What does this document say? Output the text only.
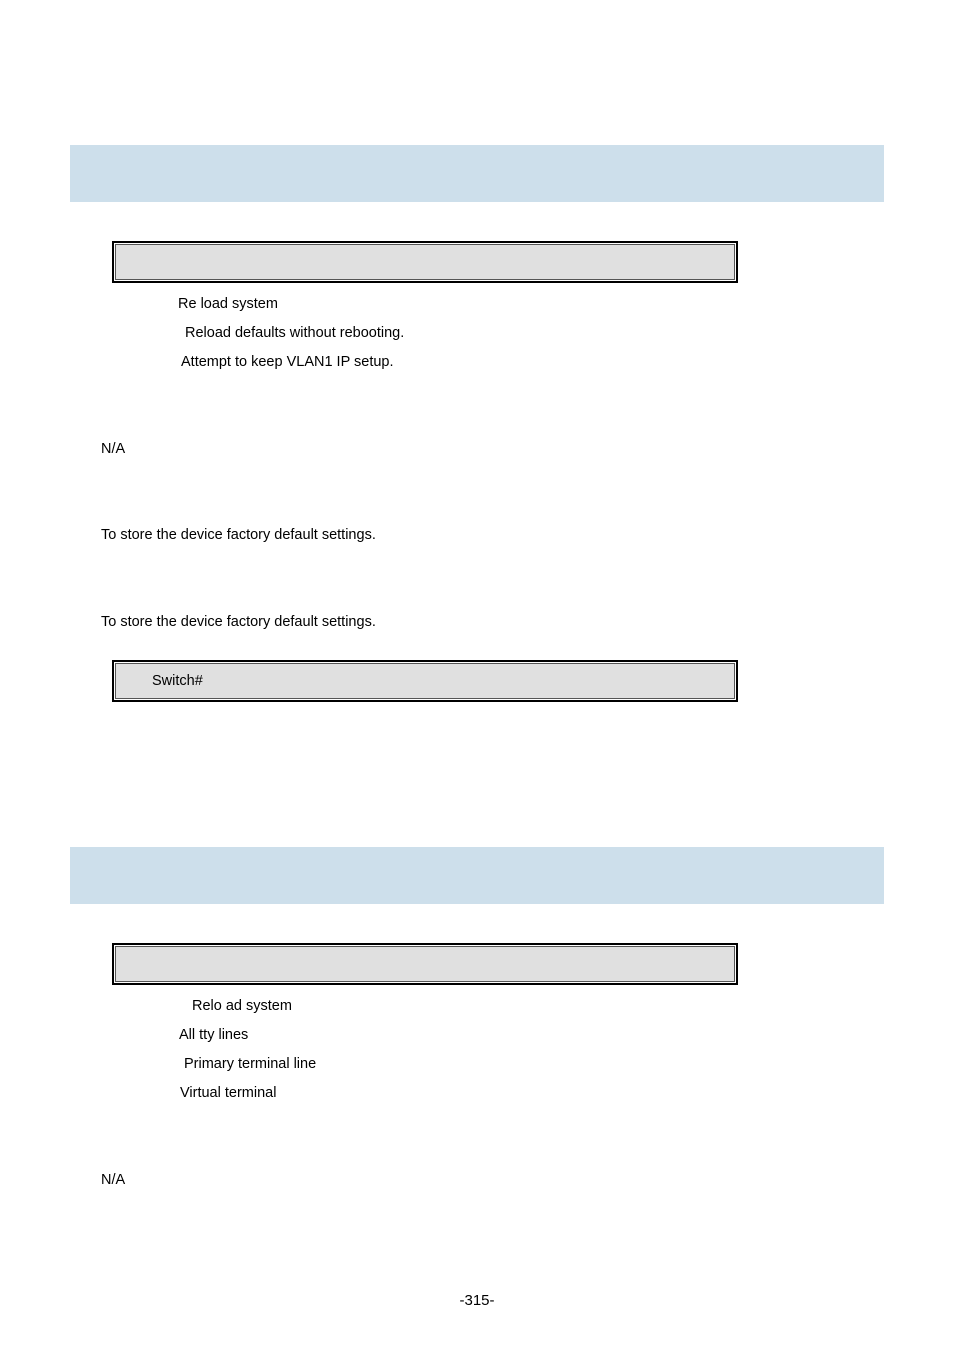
Re load system
Reload defaults without rebooting.
Attempt to keep VLAN1 IP setup.
N/A
To store the device factory default settings.
To store the device factory default settings.
Switch#
Relo ad system
All tty lines
Primary terminal line
Virtual terminal
N/A
-315-
